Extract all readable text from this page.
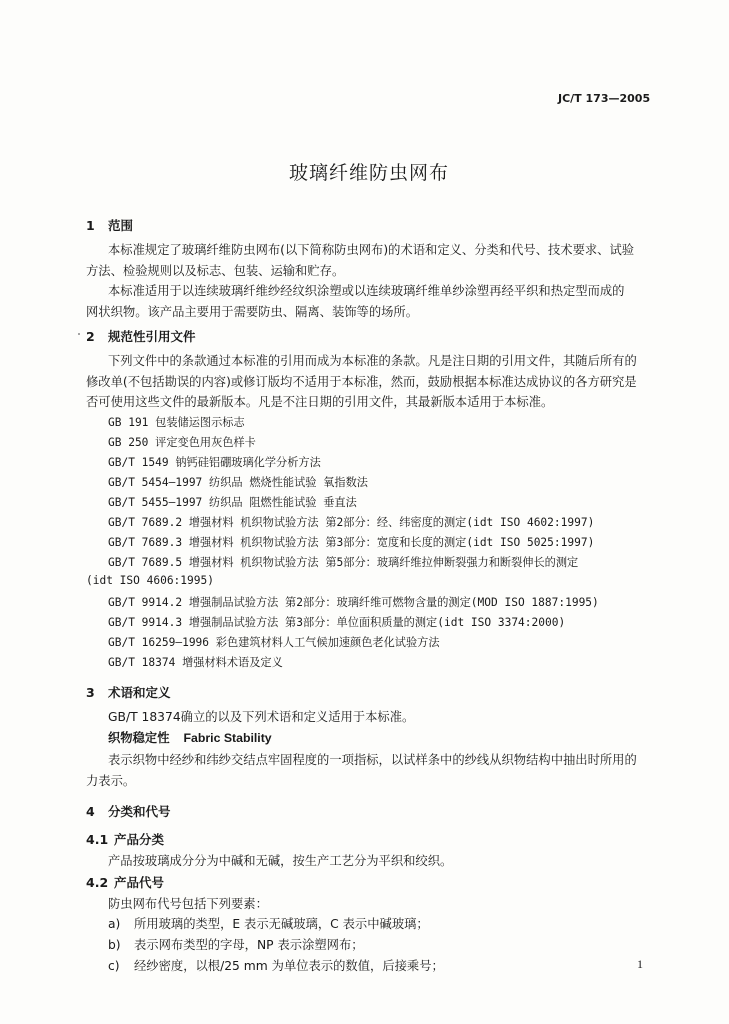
JC/T 173—2005
玻璃纤维防虫网布
1 范围
本标准规定了玻璃纤维防虫网布(以下简称防虫网布)的术语和定义、分类和代号、技术要求、试验
方法、检验规则以及标志、包装、运输和贮存。
本标准适用于以连续玻璃纤维纱经纹织涂塑或以连续玻璃纤维单纱涂塑再经平织和热定型而成的
网状织物。该产品主要用于需要防虫、隔离、装饰等的场所。
2 规范性引用文件
下列文件中的条款通过本标准的引用而成为本标准的条款。凡是注日期的引用文件，其随后所有的
修改单(不包括勘误的内容)或修订版均不适用于本标准，然而，鼓励根据本标准达成协议的各方研究是
否可使用这些文件的最新版本。凡是不注日期的引用文件，其最新版本适用于本标准。
GB 191 包装储运图示标志
GB 250 评定变色用灰色样卡
GB/T 1549 钠钙硅铝硼玻璃化学分析方法
GB/T 5454—1997 纺织品 燃烧性能试验 氧指数法
GB/T 5455—1997 纺织品 阻燃性能试验 垂直法
GB/T 7689.2 增强材料 机织物试验方法 第2部分：经、纬密度的测定(idt ISO 4602:1997)
GB/T 7689.3 增强材料 机织物试验方法 第3部分：宽度和长度的测定(idt ISO 5025:1997)
GB/T 7689.5 增强材料 机织物试验方法 第5部分：玻璃纤维拉伸断裂强力和断裂伸长的测定
(idt ISO 4606:1995)
GB/T 9914.2 增强制品试验方法 第2部分：玻璃纤维可燃物含量的测定(MOD ISO 1887:1995)
GB/T 9914.3 增强制品试验方法 第3部分：单位面积质量的测定(idt ISO 3374:2000)
GB/T 16259—1996 彩色建筑材料人工气候加速颜色老化试验方法
GB/T 18374 增强材料术语及定义
3 术语和定义
GB/T 18374确立的以及下列术语和定义适用于本标准。
织物稳定性 Fabric Stability
表示织物中经纱和纬纱交结点牢固程度的一项指标，以试样条中的纱线从织物结构中抽出时所用的
力表示。
4 分类和代号
4.1 产品分类
产品按玻璃成分分为中碱和无碱，按生产工艺分为平织和绞织。
4.2 产品代号
防虫网布代号包括下列要素：
a) 所用玻璃的类型，E 表示无碱玻璃，C 表示中碱玻璃；
b) 表示网布类型的字母，NP 表示涂塑网布；
c) 经纱密度，以根/25 mm 为单位表示的数值，后接乘号；	1
